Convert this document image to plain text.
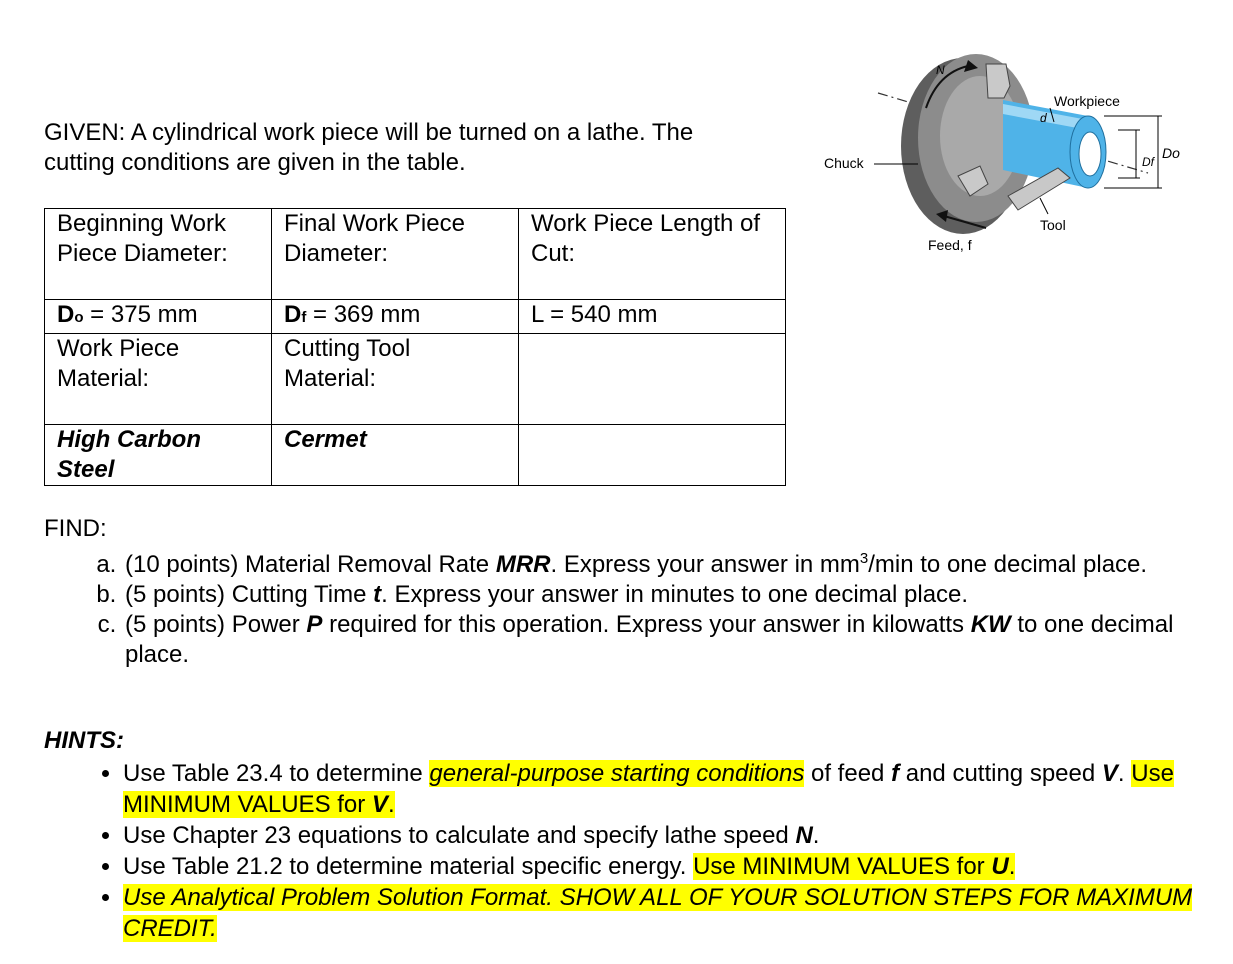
GIVEN: A cylindrical work piece will be turned on a lathe. The
cutting conditions are given in the table.
Beginning Work Piece Diameter:	Final Work Piece Diameter:	Work Piece Length of Cut:
Do = 375 mm	Df = 369 mm	L = 540 mm
Work Piece Material:	Cutting Tool Material:	
High Carbon Steel	Cermet	
N
Workpiece
d
Df
Do
Chuck
Tool
Feed, f
FIND:
a. (10 points) Material Removal Rate MRR. Express your answer in $mm^3/\min$ to one decimal place.
b. (5 points) Cutting Time t. Express your answer in minutes to one decimal place.
c. (5 points) Power P required for this operation. Express your answer in kilowatts KW to one decimal place.
HINTS:
• Use Table 23.4 to determine general-purpose starting conditions of feed f and cutting speed V. Use MINIMUM VALUES for V.
• Use Chapter 23 equations to calculate and specify lathe speed N.
• Use Table 21.2 to determine material specific energy. Use MINIMUM VALUES for U.
• Use Analytical Problem Solution Format. SHOW ALL OF YOUR SOLUTION STEPS FOR MAXIMUM CREDIT.
